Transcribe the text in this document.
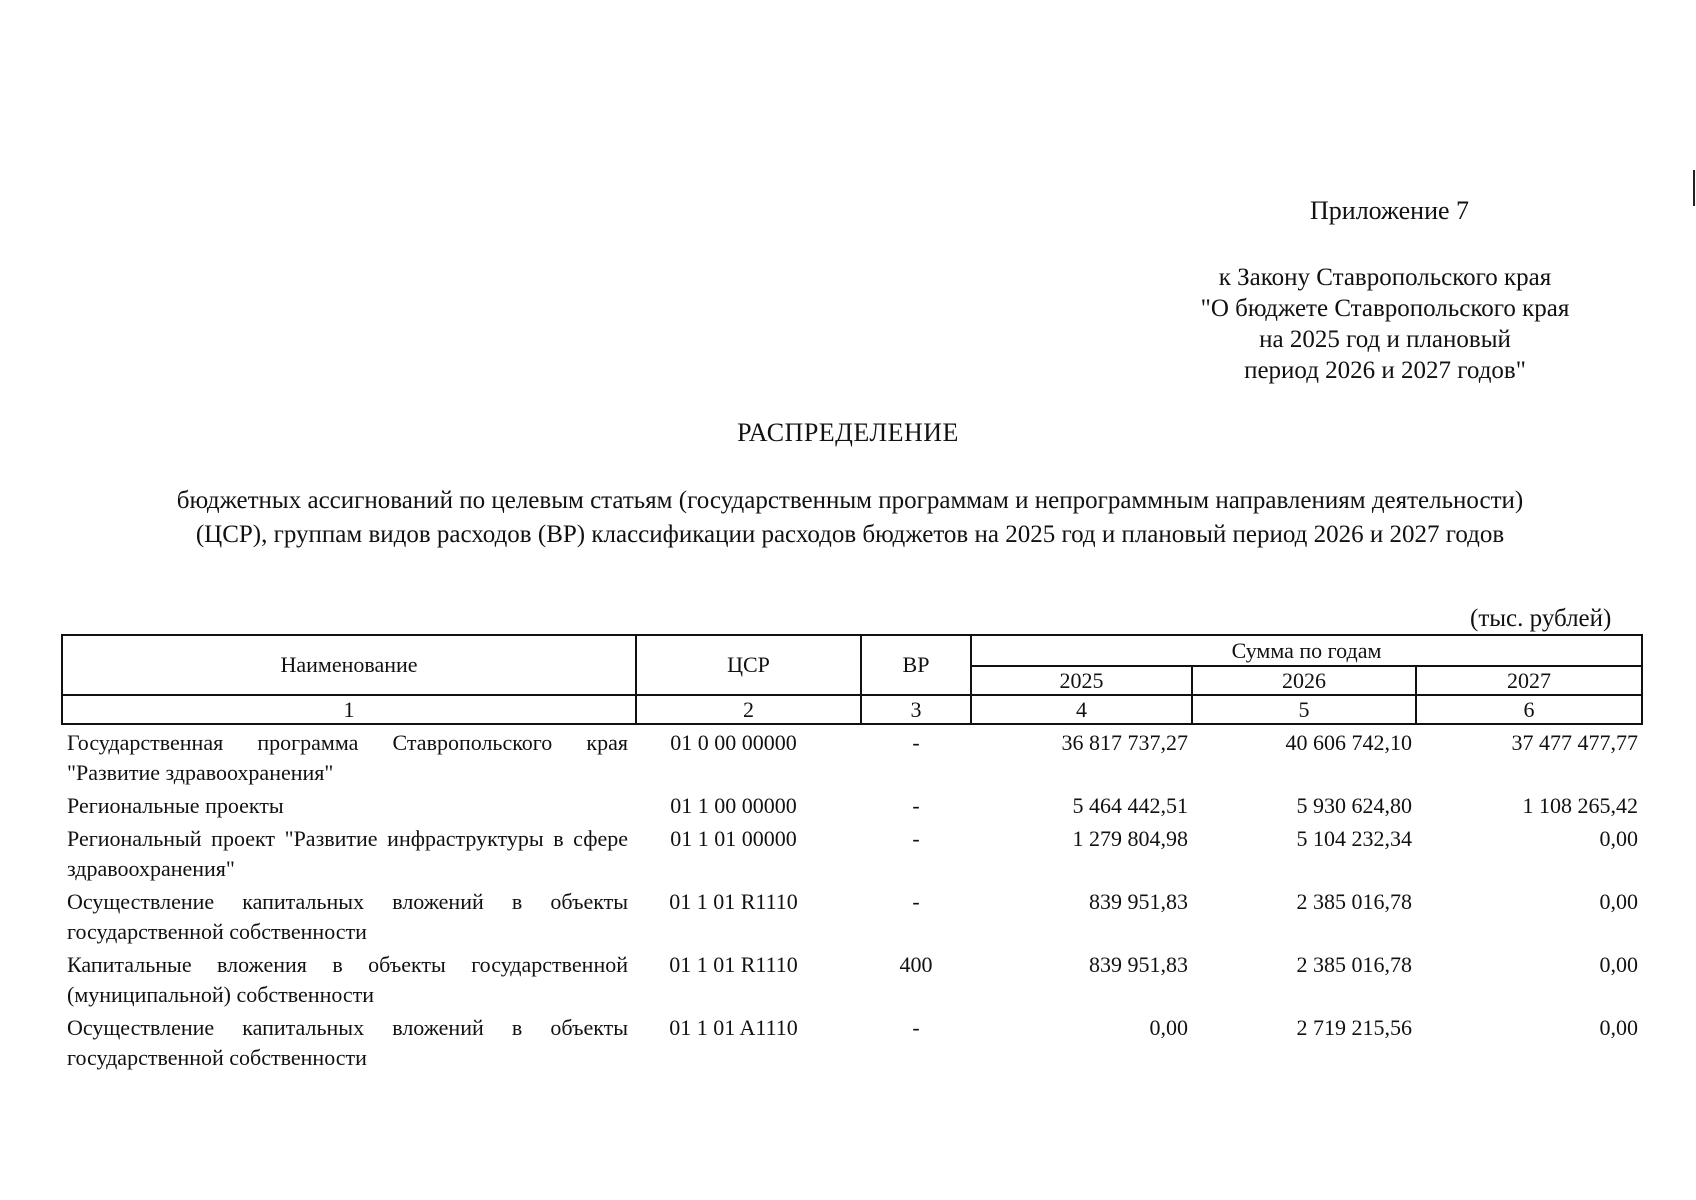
Приложение 7
к Закону Ставропольского края
"О бюджете Ставропольского края
на 2025 год и плановый
период 2026 и 2027 годов"
РАСПРЕДЕЛЕНИЕ
бюджетных ассигнований по целевым статьям (государственным программам и непрограммным направлениям деятельности)
(ЦСР), группам видов расходов (ВР) классификации расходов бюджетов на 2025 год и плановый период 2026 и 2027 годов
(тыс. рублей)
Наименование	ЦСР	ВР	Сумма по годам		
			2025	2026	2027
1	2	3	4	5	6
Государственная программа Ставропольского края "Развитие здравоохранения"	01 0 00 00000	-	36 817 737,27	40 606 742,10	37 477 477,77
Региональные проекты	01 1 00 00000	-	5 464 442,51	5 930 624,80	1 108 265,42
Региональный проект "Развитие инфраструктуры в сфере здравоохранения"	01 1 01 00000	-	1 279 804,98	5 104 232,34	0,00
Осуществление капитальных вложений в объекты государственной собственности	01 1 01 R1110	-	839 951,83	2 385 016,78	0,00
Капитальные вложения в объекты государственной (муниципальной) собственности	01 1 01 R1110	400	839 951,83	2 385 016,78	0,00
Осуществление капитальных вложений в объекты государственной собственности	01 1 01 A1110	-	0,00	2 719 215,56	0,00
